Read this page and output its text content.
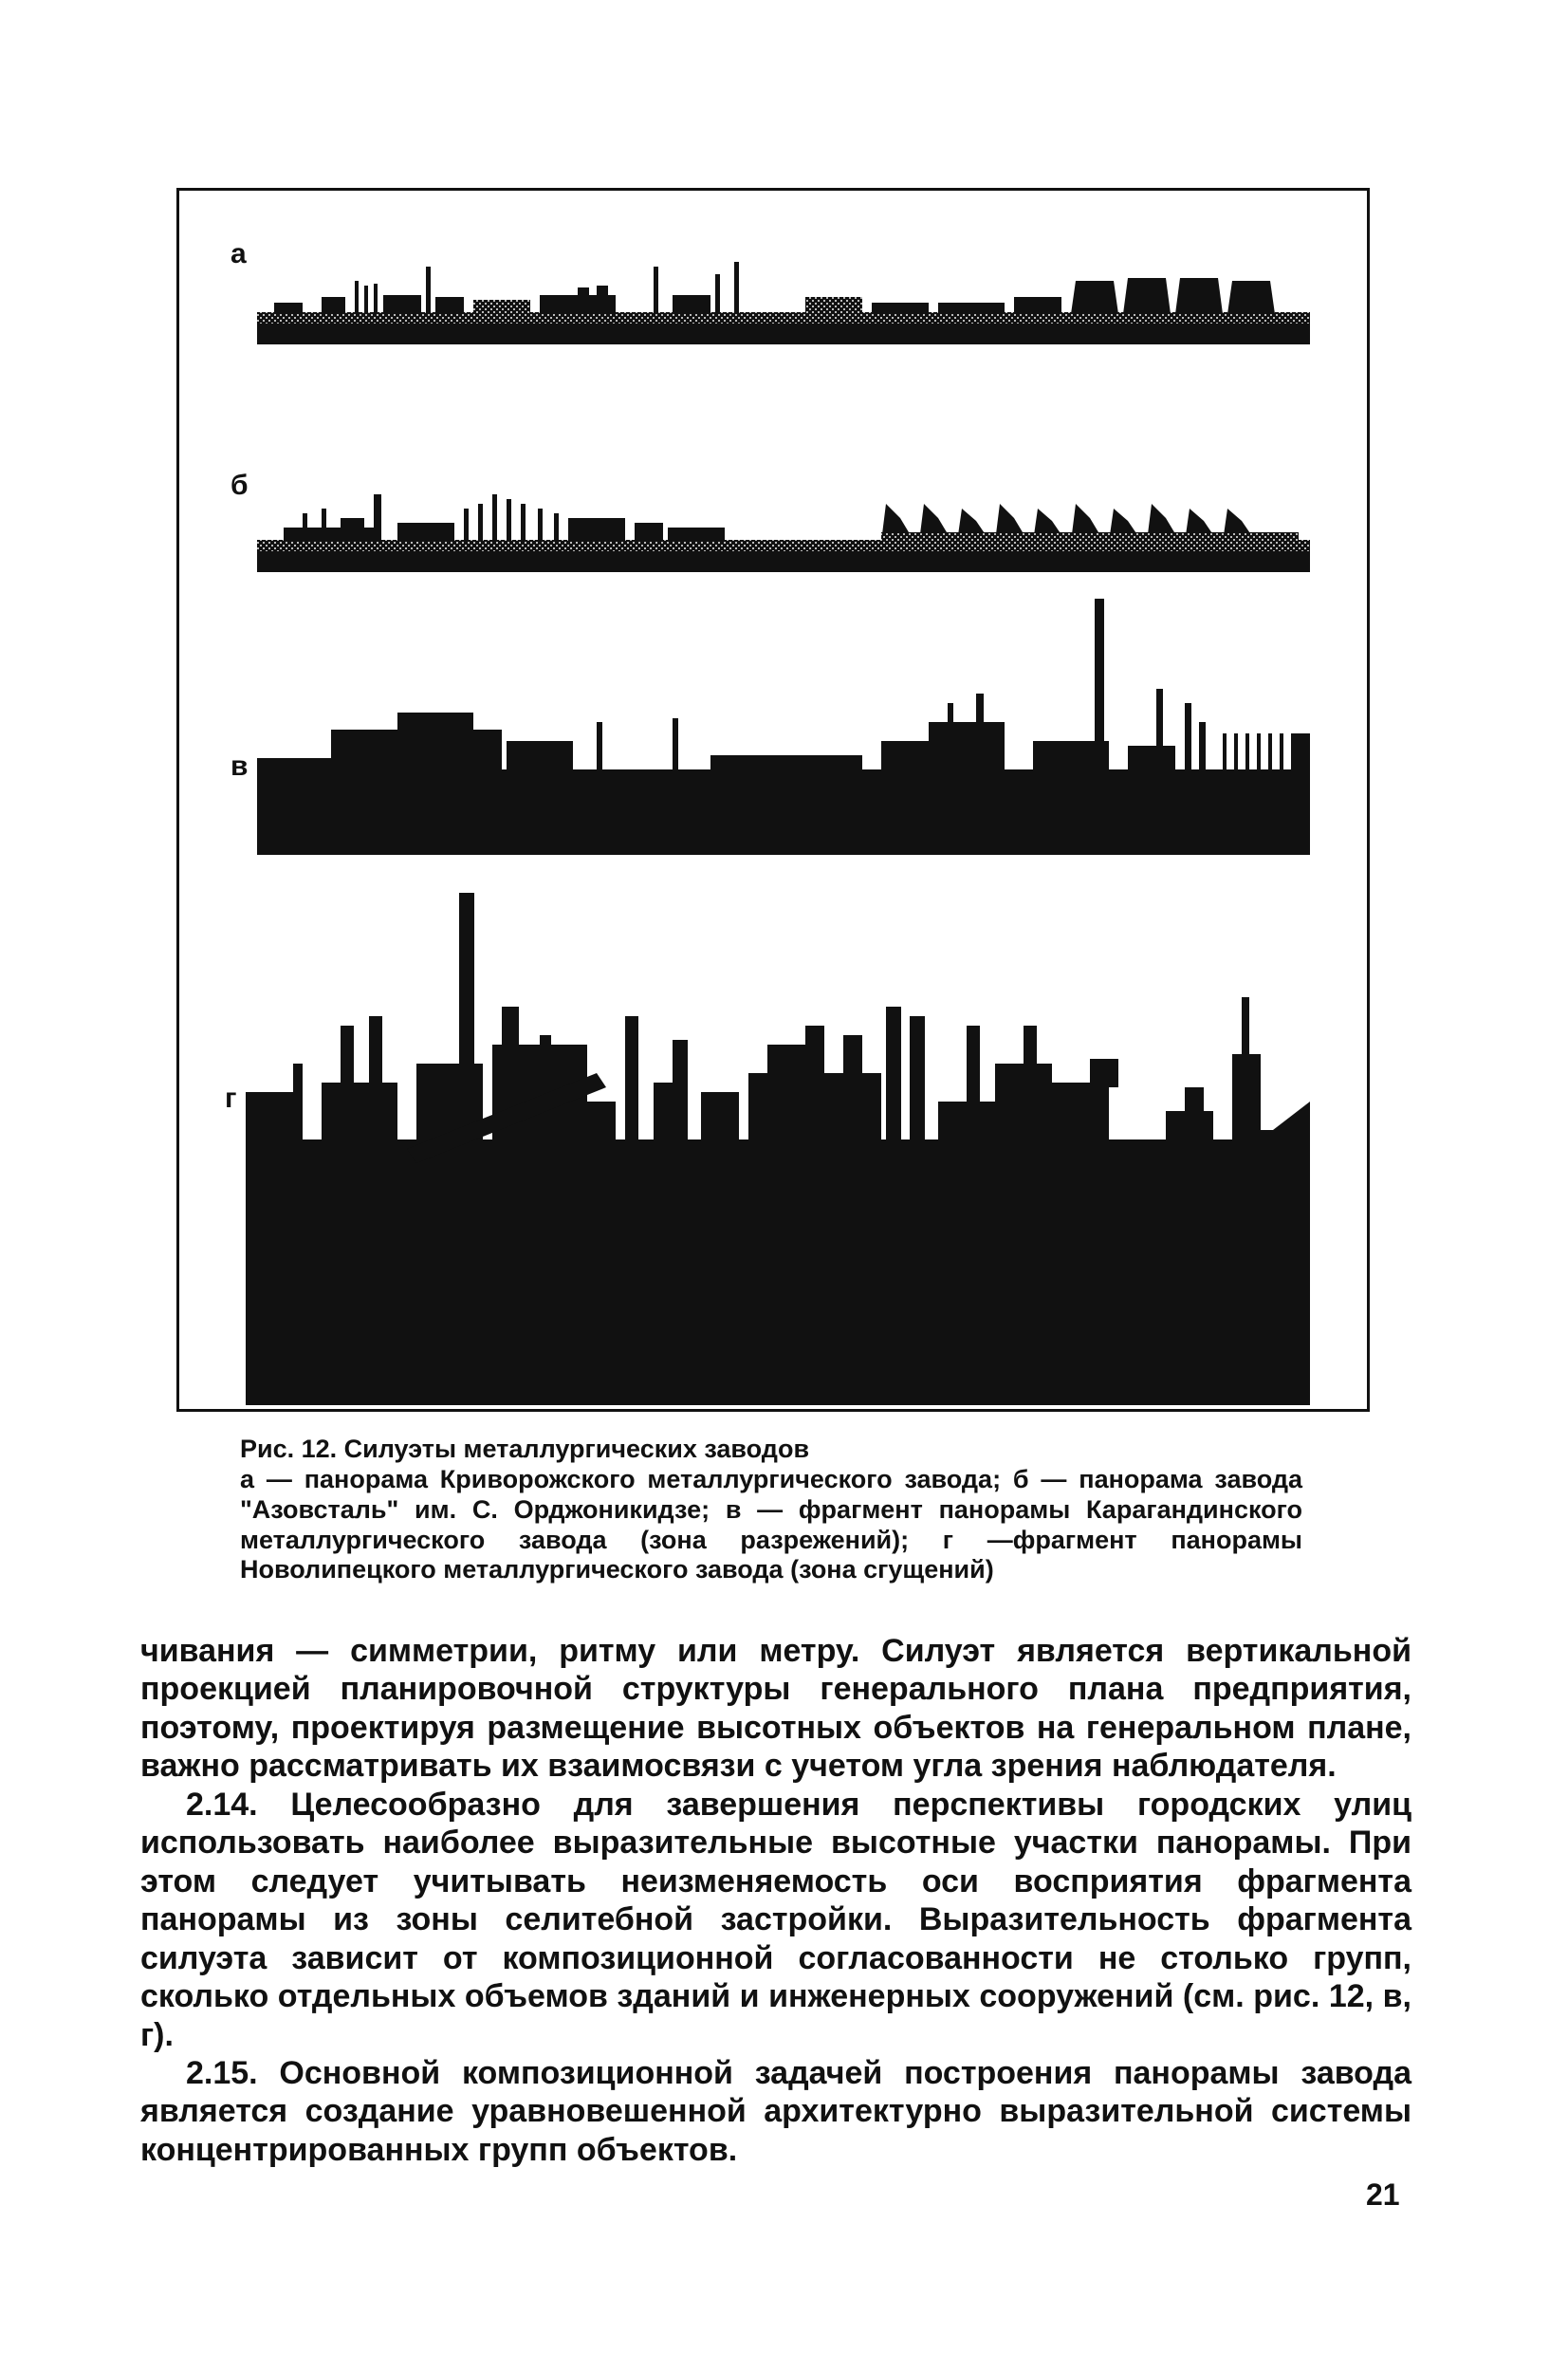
а
б
в
г

Рис. 12. Силуэты металлургических заводов

а — панорама Криворожского металлургического завода; б — панорама завода "Азовсталь" им. С. Орджоникидзе; в — фрагмент панорамы Карагандинского металлургического завода (зона разрежений); г —фрагмент панорамы Новолипецкого металлургического завода (зона сгущений)

чивания — симметрии, ритму или метру. Силуэт является вертикальной проекцией планировочной структуры генерального плана предприятия, поэтому, проектируя размещение высотных объектов на генеральном плане, важно рассматривать их взаимосвязи с учетом угла зрения наблюдателя.

2.14. Целесообразно для завершения перспективы городских улиц использовать наиболее выразительные высотные участки панорамы. При этом следует учитывать неизменяемость оси восприятия фрагмента панорамы из зоны селитебной застройки. Выразительность фрагмента силуэта зависит от композиционной согласованности не столько групп, сколько отдельных объемов зданий и инженерных сооружений (см. рис. 12, в, г).

2.15. Основной композиционной задачей построения панорамы завода является создание уравновешенной архитектурно выразительной системы концентрированных групп объектов.

21
